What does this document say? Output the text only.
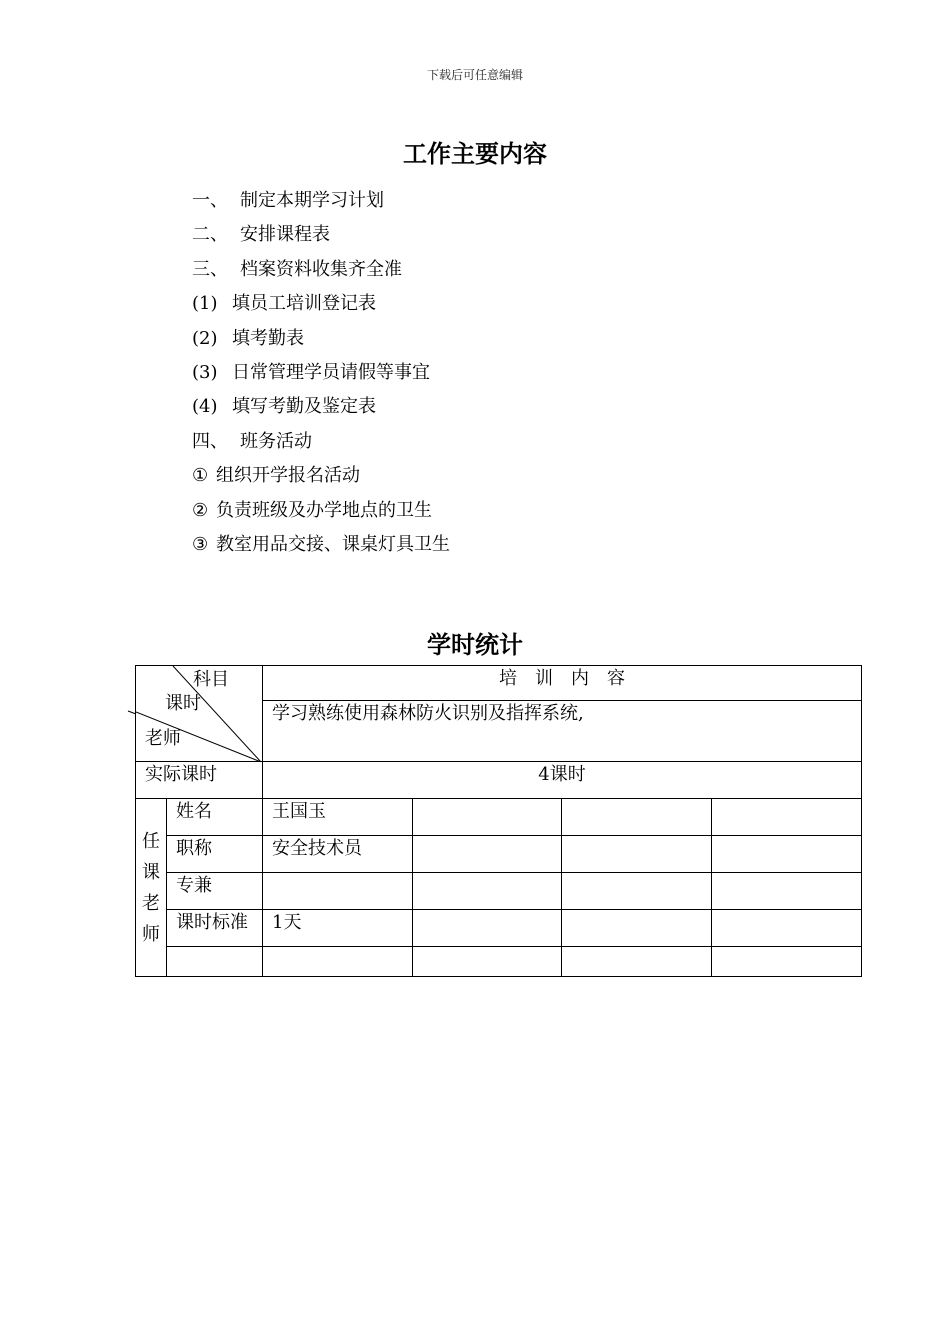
下载后可任意编辑
工作主要内容
一、 制定本期学习计划
二、 安排课程表
三、 档案资料收集齐全准
(1) 填员工培训登记表
(2) 填考勤表
(3) 日常管理学员请假等事宜
(4) 填写考勤及鉴定表
四、 班务活动
① 组织开学报名活动
② 负责班级及办学地点的卫生
③ 教室用品交接、课桌灯具卫生
学时统计
科目
课时
老师		培　训　内　容			
		学习熟练使用森林防火识别及指挥系统,			
实际课时		4课时			

任
课
老
师	姓名	王国玉			
	职称	安全技术员			
	专兼				
	课时标准	1天			
